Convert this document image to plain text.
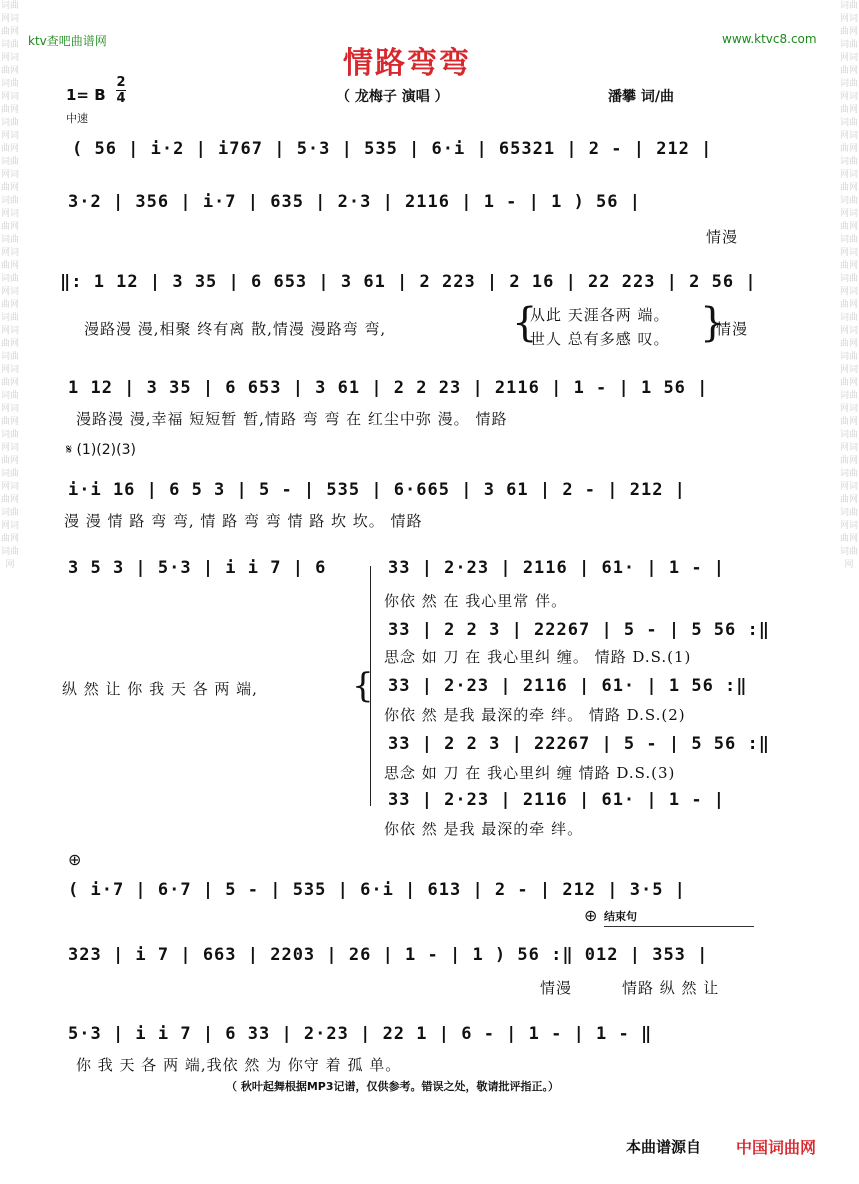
词曲网词曲网词曲网词曲网词曲网词曲网词曲网词曲网词曲网词曲网词曲网词曲网词曲网词曲网词曲网词曲网词曲网词曲网词曲网词曲网词曲网词曲网词曲网词曲网词曲网词曲网词曲网词曲网词曲网
词曲网词曲网词曲网词曲网词曲网词曲网词曲网词曲网词曲网词曲网词曲网词曲网词曲网词曲网词曲网词曲网词曲网词曲网词曲网词曲网词曲网词曲网词曲网词曲网词曲网词曲网词曲网词曲网词曲网
ktv查吧曲谱网	www.ktvc8.com
情路弯弯
1= B
2
4	（ 龙梅子 演唱 ）	潘攀 词/曲
中速
( 56 | i·2 | i767 | 5·3 | 535 | 6·i | 65321 | 2 - | 212 |
3·2 | 356 | i·7 | 635 | 2·3 | 2116 | 1 - | 1 ) 56 |
情漫
‖: 1 12 | 3 35 | 6 653 | 3 61 | 2 223 | 2 16 | 22 223 | 2 56 |
漫路漫 漫,相聚 终有离 散,情漫 漫路弯 弯,	{
从此 天涯各两 端。
世人 总有多感 叹。 }
情漫
1 12 | 3 35 | 6 653 | 3 61 | 2 2 23 | 2116 | 1 - | 1 56 |
漫路漫 漫,幸福 短短暂 暂,情路 弯 弯 在 红尘中弥 漫。 情路
𝄋 (1)(2)(3)
i·i 16 | 6 5 3 | 5 - | 535 | 6·665 | 3 61 | 2 - | 212 |
漫 漫 情 路 弯 弯, 情 路 弯 弯 情 路 坎 坎。 情路
3 5 3 | 5·3 | i i 7 | 6
纵 然 让 你 我 天 各 两 端,	{
33 | 2·23 | 2116 | 61· | 1 - |
你依 然 在 我心里常 伴。
33 | 2 2 3 | 22267 | 5 - | 5 56 :‖
思念 如 刀 在 我心里纠 缠。 情路 D.S.(1)
33 | 2·23 | 2116 | 61· | 1 56 :‖
你依 然 是我 最深的牵 绊。 情路 D.S.(2)
33 | 2 2 3 | 22267 | 5 - | 5 56 :‖
思念 如 刀 在 我心里纠 缠 情路 D.S.(3)
33 | 2·23 | 2116 | 61· | 1 - |
你依 然 是我 最深的牵 绊。
⊕
( i·7 | 6·7 | 5 - | 535 | 6·i | 613 | 2 - | 212 | 3·5 |
⊕ 结束句
323 | i 7 | 663 | 2203 | 26 | 1 - | 1 ) 56 :‖ 012 | 353 |
情漫	情路 纵 然 让
5·3 | i i 7 | 6 33 | 2·23 | 22 1 | 6 - | 1 - | 1 - ‖
你 我 天 各 两 端,我依 然 为 你守 着 孤 单。
（ 秋叶起舞根据MP3记谱，仅供参考。错误之处，敬请批评指正。）
本曲谱源自 中国词曲网
